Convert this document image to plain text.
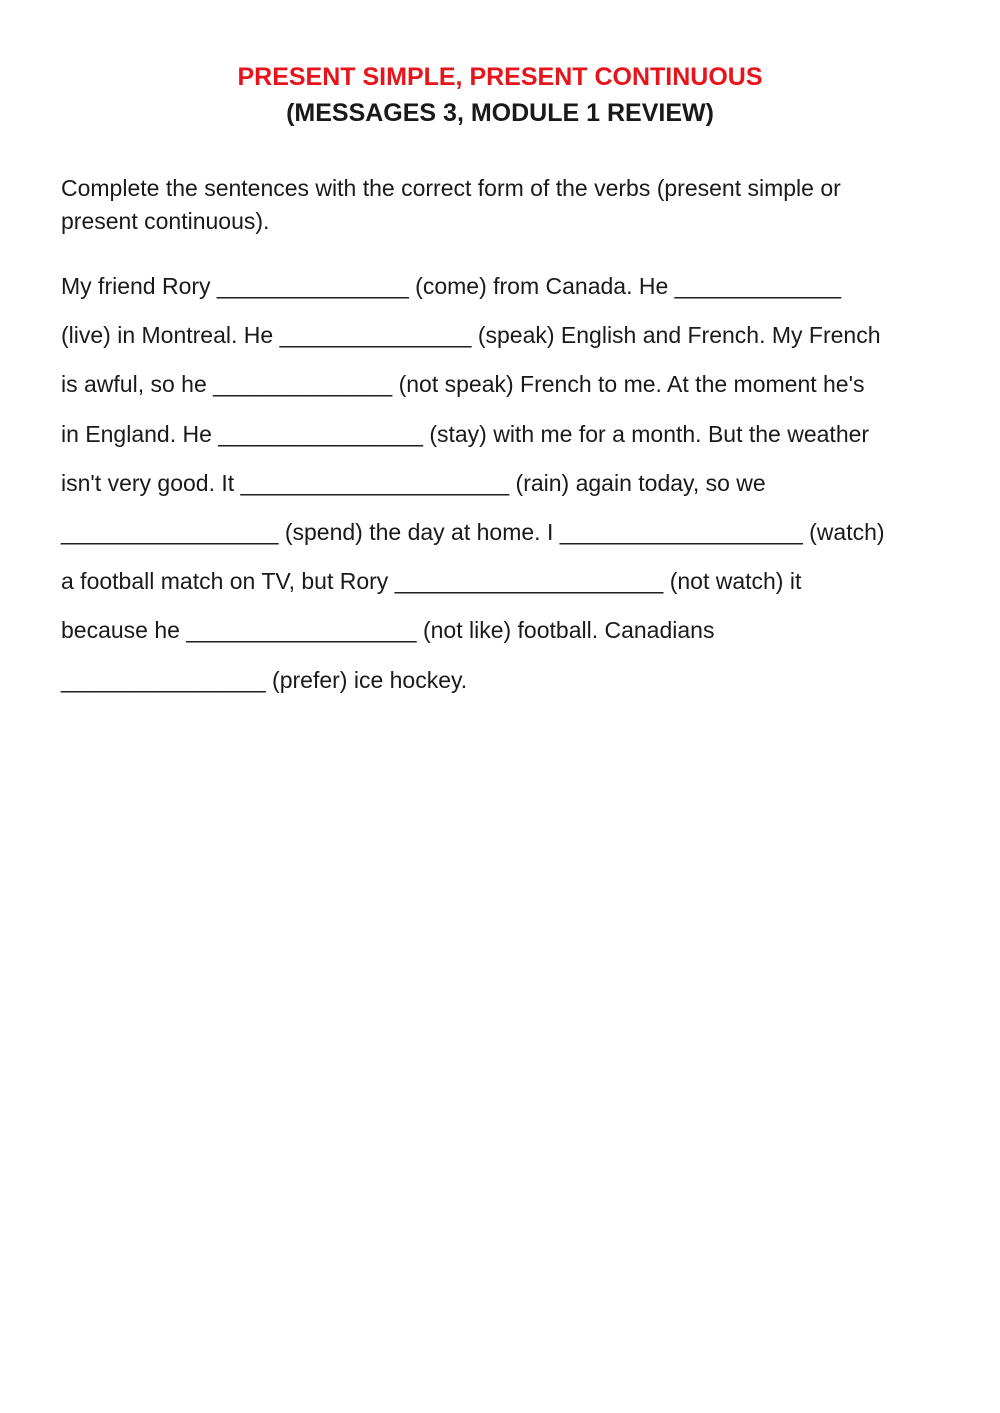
PRESENT SIMPLE, PRESENT CONTINUOUS
(MESSAGES 3, MODULE 1 REVIEW)
Complete the sentences with the correct form of the verbs (present simple or
present continuous).
My friend Rory _______________ (come) from Canada. He _____________
(live) in Montreal. He _______________ (speak) English and French. My French
is awful, so he ______________ (not speak) French to me. At the moment he's
in England. He ________________ (stay) with me for a month. But the weather
isn't very good. It _____________________ (rain) again today, so we
_________________ (spend) the day at home. I ___________________ (watch)
a football match on TV, but Rory _____________________ (not watch) it
because he __________________ (not like) football. Canadians
________________ (prefer) ice hockey.
